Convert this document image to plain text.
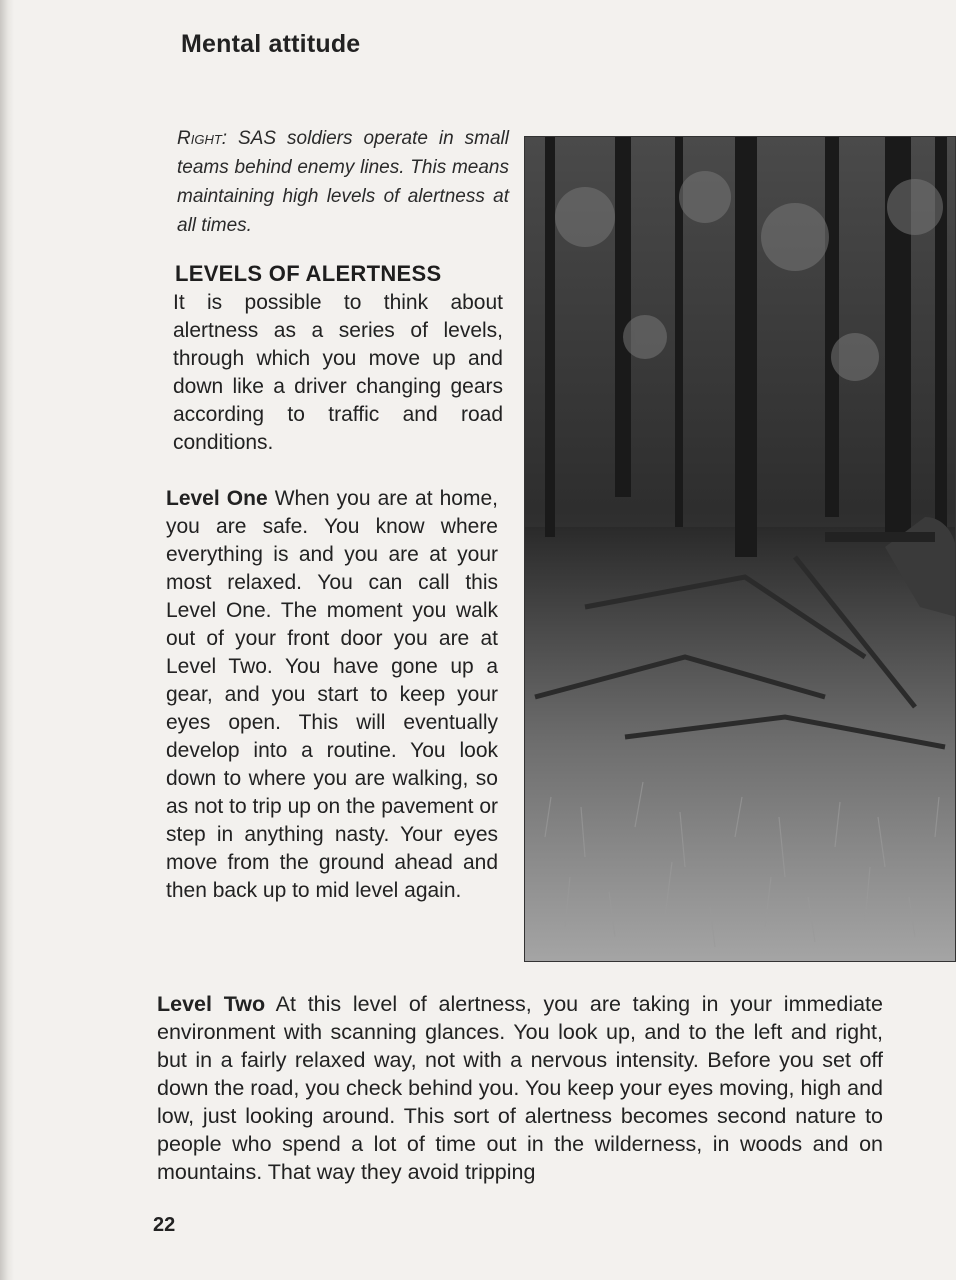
Mental attitude
Right: SAS soldiers operate in small teams behind enemy lines. This means maintaining high levels of alertness at all times.
LEVELS OF ALERTNESS
It is possible to think about alertness as a series of levels, through which you move up and down like a driver changing gears according to traffic and road conditions.
Level One When you are at home, you are safe. You know where everything is and you are at your most relaxed. You can call this Level One. The moment you walk out of your front door you are at Level Two. You have gone up a gear, and you start to keep your eyes open. This will eventually develop into a routine. You look down to where you are walking, so as not to trip up on the pavement or step in anything nasty. Your eyes move from the ground ahead and then back up to mid level again.
Level Two At this level of alertness, you are taking in your immediate environment with scanning glances. You look up, and to the left and right, but in a fairly relaxed way, not with a nervous intensity. Before you set off down the road, you check behind you. You keep your eyes moving, high and low, just looking around. This sort of alertness becomes second nature to people who spend a lot of time out in the wilderness, in woods and on mountains. That way they avoid tripping
22
